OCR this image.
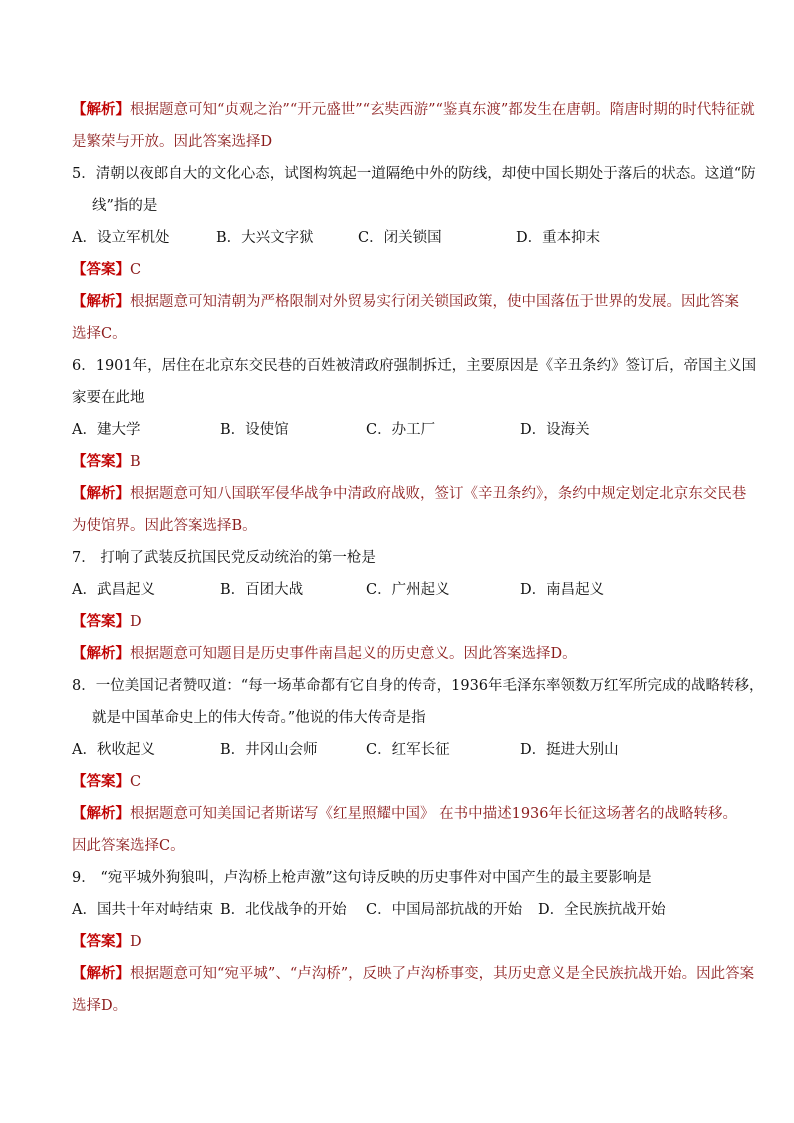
【解析】根据题意可知“贞观之治”“开元盛世”“玄奘西游”“鉴真东渡”都发生在唐朝。隋唐时期的时代特征就
是繁荣与开放。因此答案选择D
5．清朝以夜郎自大的文化心态，试图构筑起一道隔绝中外的防线，却使中国长期处于落后的状态。这道“防
线”指的是
A．设立军机处	B．大兴文字狱	C．闭关锁国	D．重本抑末
【答案】C
【解析】根据题意可知清朝为严格限制对外贸易实行闭关锁国政策，使中国落伍于世界的发展。因此答案
选择C。
6．1901年，居住在北京东交民巷的百姓被清政府强制拆迁，主要原因是《辛丑条约》签订后，帝国主义国
家要在此地
A．建大学	B．设使馆	C．办工厂	D．设海关
【答案】B
【解析】根据题意可知八国联军侵华战争中清政府战败，签订《辛丑条约》，条约中规定划定北京东交民巷
为使馆界。因此答案选择B。
7． 打响了武装反抗国民党反动统治的第一枪是
A．武昌起义	B．百团大战	C．广州起义	D．南昌起义
【答案】D
【解析】根据题意可知题目是历史事件南昌起义的历史意义。因此答案选择D。
8．一位美国记者赞叹道：“每一场革命都有它自身的传奇，1936年毛泽东率领数万红军所完成的战略转移，
就是中国革命史上的伟大传奇。”他说的伟大传奇是指
A．秋收起义	B．井冈山会师	C．红军长征	D．挺进大别山
【答案】C
【解析】根据题意可知美国记者斯诺写《红星照耀中国》 在书中描述1936年长征这场著名的战略转移。
因此答案选择C。
9． “宛平城外狗狼叫，卢沟桥上枪声激”这句诗反映的历史事件对中国产生的最主要影响是
A．国共十年对峙结束 B．北伐战争的开始 C．中国局部抗战的开始 D．全民族抗战开始
【答案】D
【解析】根据题意可知“宛平城”、“卢沟桥”，反映了卢沟桥事变，其历史意义是全民族抗战开始。因此答案
选择D。
